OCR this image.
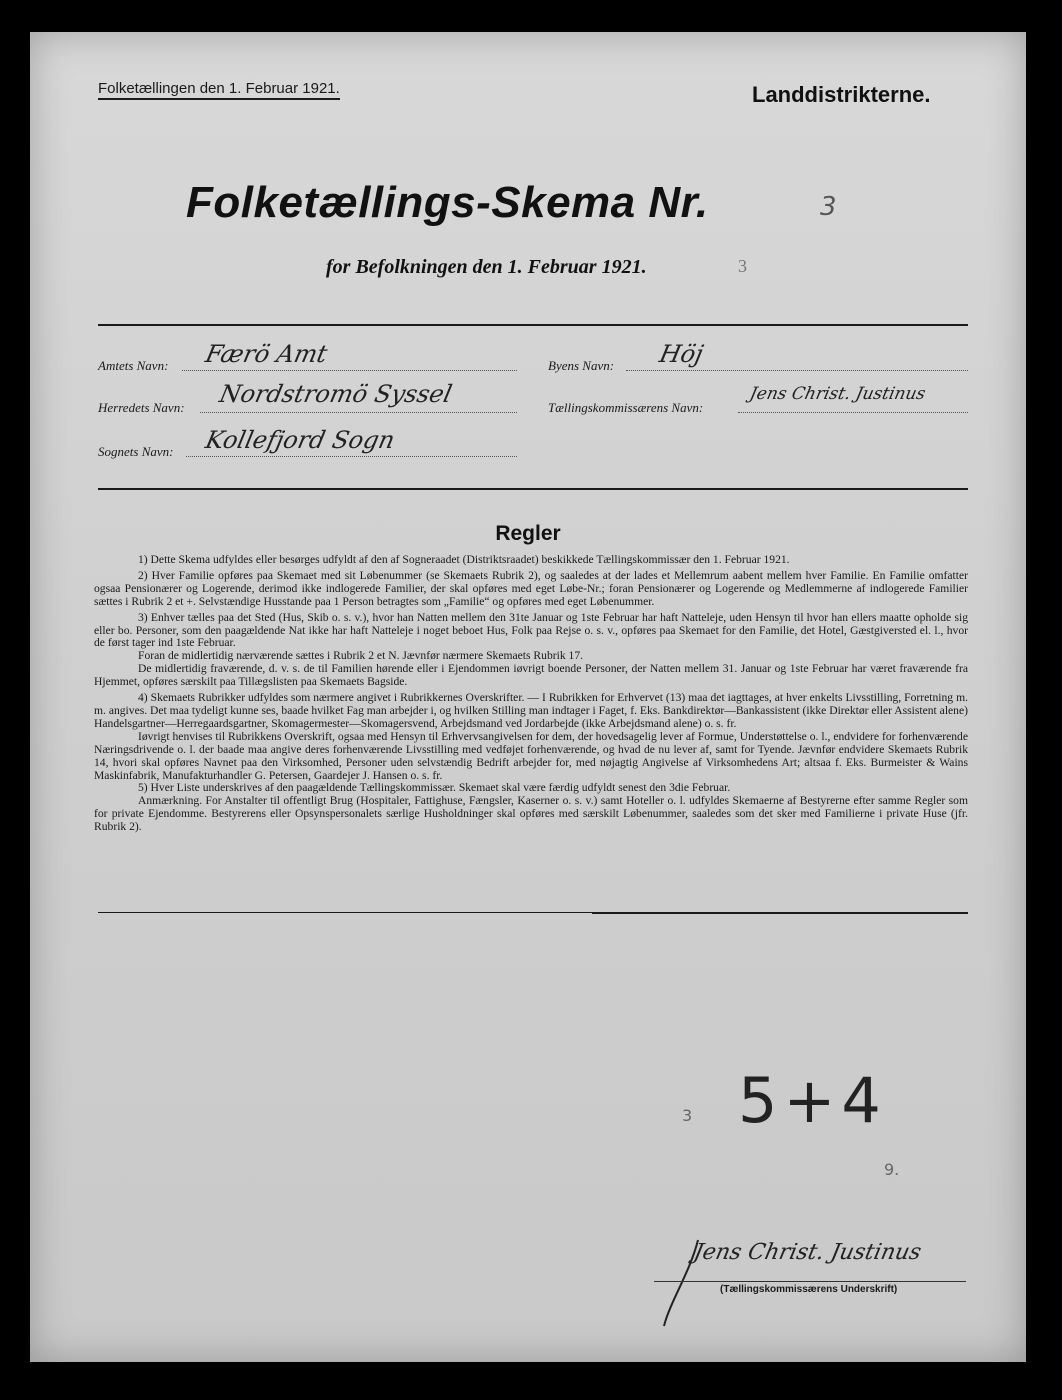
Folketællingen den 1. Februar 1921.	Landdistrikterne.
Folketællings-Skema Nr.	3
for Befolkningen den 1. Februar 1921.	3
Amtets Navn: Færö Amt
Herredets Navn: Nordstromö Syssel
Sognets Navn: Kollefjord Sogn
Byens Navn: Höj
Tællingskommissærens Navn:
Jens Christ. Justinus
Regler

1) Dette Skema udfyldes eller besørges udfyldt af den af Sogneraadet (Distriktsraadet) beskikkede Tællingskommissær den 1. Februar 1921.

2) Hver Familie opføres paa Skemaet med sit Løbenummer (se Skemaets Rubrik 2), og saaledes at der lades et Mellemrum aabent mellem hver Familie. En Familie omfatter ogsaa Pensionærer og Logerende, derimod ikke indlogerede Familier, der skal opføres med eget Løbe-Nr.; foran Pensionærer og Logerende og Medlemmerne af indlogerede Familier sættes i Rubrik 2 et +. Selvstændige Husstande paa 1 Person betragtes som „Familie“ og opføres med eget Løbenummer.

3) Enhver tælles paa det Sted (Hus, Skib o. s. v.), hvor han Natten mellem den 31te Januar og 1ste Februar har haft Natteleje, uden Hensyn til hvor han ellers maatte opholde sig eller bo. Personer, som den paagældende Nat ikke har haft Natteleje i noget beboet Hus, Folk paa Rejse o. s. v., opføres paa Skemaet for den Familie, det Hotel, Gæstgiversted el. l., hvor de først tager ind 1ste Februar.

Foran de midlertidig nærværende sættes i Rubrik 2 et N. Jævnfør nærmere Skemaets Rubrik 17.

De midlertidig fraværende, d. v. s. de til Familien hørende eller i Ejendommen iøvrigt boende Personer, der Natten mellem 31. Januar og 1ste Februar har været fraværende fra Hjemmet, opføres særskilt paa Tillægslisten paa Skemaets Bagside.

4) Skemaets Rubrikker udfyldes som nærmere angivet i Rubrikkernes Overskrifter. — I Rubrikken for Erhvervet (13) maa det iagttages, at hver enkelts Livsstilling, Forretning m. m. angives. Det maa tydeligt kunne ses, baade hvilket Fag man arbejder i, og hvilken Stilling man indtager i Faget, f. Eks. Bankdirektør—Bankassistent (ikke Direktør eller Assistent alene) Handelsgartner—Herregaardsgartner, Skomagermester—Skomagersvend, Arbejdsmand ved Jordarbejde (ikke Arbejdsmand alene) o. s. fr.

Iøvrigt henvises til Rubrikkens Overskrift, ogsaa med Hensyn til Erhvervsangivelsen for dem, der hovedsagelig lever af Formue, Understøttelse o. l., endvidere for forhenværende Næringsdrivende o. l. der baade maa angive deres forhenværende Livsstilling med vedføjet forhenværende, og hvad de nu lever af, samt for Tyende. Jævnfør endvidere Skemaets Rubrik 14, hvori skal opføres Navnet paa den Virksomhed, Personer uden selvstændig Bedrift arbejder for, med nøjagtig Angivelse af Virksomhedens Art; altsaa f. Eks. Burmeister & Wains Maskinfabrik, Manufakturhandler G. Petersen, Gaardejer J. Hansen o. s. fr.

5) Hver Liste underskrives af den paagældende Tællingskommissær. Skemaet skal være færdig udfyldt senest den 3die Februar.

Anmærkning. For Anstalter til offentligt Brug (Hospitaler, Fattighuse, Fængsler, Kaserner o. s. v.) samt Hoteller o. l. udfyldes Skemaerne af Bestyrerne efter samme Regler som for private Ejendomme. Bestyrerens eller Opsynspersonalets særlige Husholdninger skal opføres med særskilt Løbenummer, saaledes som det sker med Familierne i private Huse (jfr. Rubrik 2).

5+4
3
9.
Jens Christ. Justinus
(Tællingskommissærens Underskrift)
